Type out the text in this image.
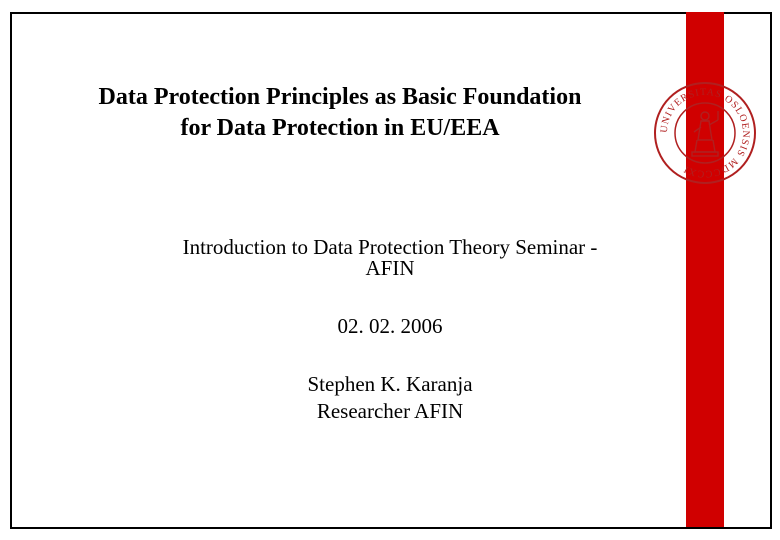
UNIVERSITAS OSLOENSIS MDCCCXI
Data Protection Principles as Basic Foundation
for Data Protection in EU/EEA
Introduction to Data Protection Theory Seminar -
AFIN
02. 02. 2006
Stephen K. Karanja
Researcher AFIN
